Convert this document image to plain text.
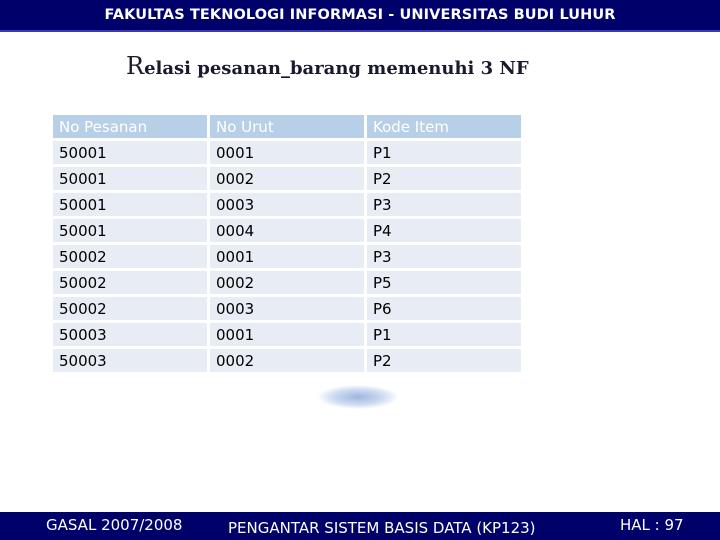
FAKULTAS TEKNOLOGI INFORMASI - UNIVERSITAS BUDI LUHUR
Relasi pesanan_barang memenuhi 3 NF
No Pesanan	No Urut	Kode Item
50001	0001	P1
50001	0002	P2
50001	0003	P3
50001	0004	P4
50002	0001	P3
50002	0002	P5
50002	0003	P6
50003	0001	P1
50003	0002	P2
GASAL 2007/2008	PENGANTAR SISTEM BASIS DATA (KP123)	HAL : 97
